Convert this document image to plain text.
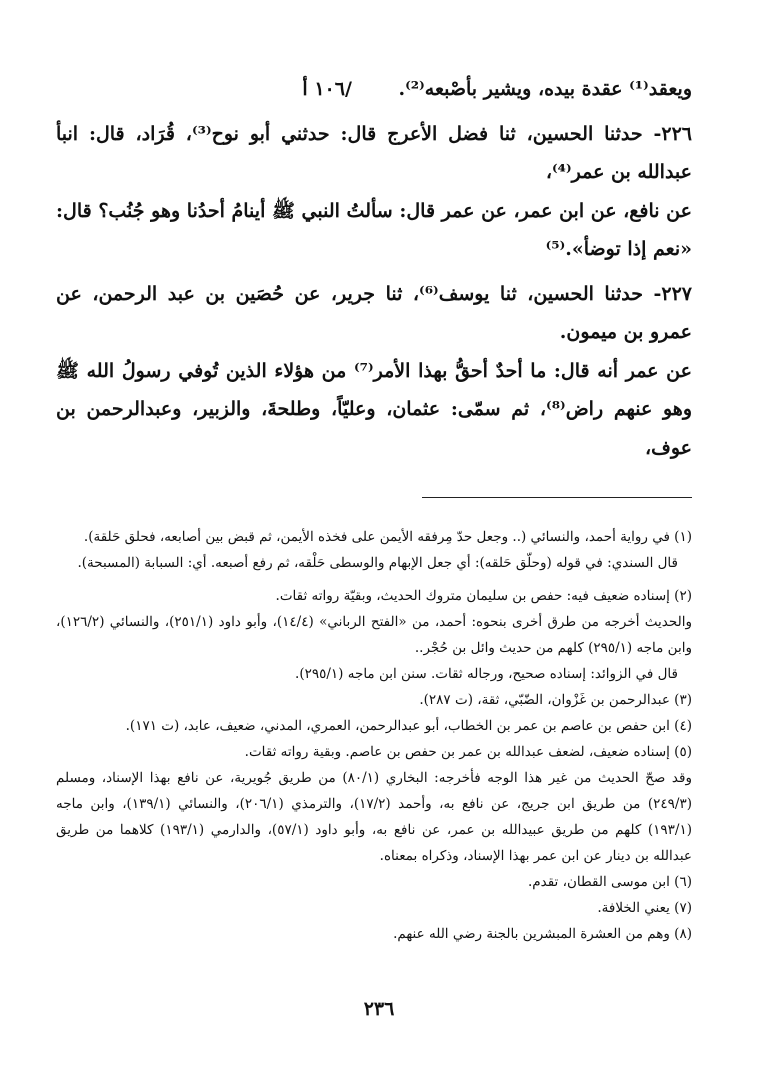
ويعقد⁽¹⁾ عقدة بيده، ويشير بأصْبعه⁽²⁾. /١٠٦ أ

٢٢٦- حدثنا الحسين، ثنا فضل الأعرج قال: حدثني أبو نوح⁽³⁾، قُرَاد، قال: انبأ عبدالله بن عمر⁽⁴⁾،

عن نافع، عن ابن عمر، عن عمر قال: سألتُ النبي ﷺ أينامُ أحدُنا وهو جُنُب؟ قال: «نعم إذا توضأ».⁽⁵⁾

٢٢٧- حدثنا الحسين، ثنا يوسف⁽⁶⁾، ثنا جرير، عن حُصَين بن عبد الرحمن، عن عمرو بن ميمون.

عن عمر أنه قال: ما أحدٌ أحقُّ بهذا الأمر⁽⁷⁾ من هؤلاء الذين تُوفي رسولُ الله ﷺ وهو عنهم راض⁽⁸⁾، ثم سمّى: عثمان، وعليّاً، وطلحةَ، والزبير، وعبدالرحمن بن عوف،

(١) في رواية أحمد، والنسائي (.. وجعل حدّ مِرفقه الأيمن على فخذه الأيمن، ثم قبض بين أصابعه، فحلق حَلقة).

قال السندي: في قوله (وحلّق حَلقه): أي جعل الإبهام والوسطى حَلْقه، ثم رفع أصبعه. أي: السبابة (المسبحة).

(٢) إسناده ضعيف فيه: حفص بن سليمان متروك الحديث، وبقيّة رواته ثقات.

والحديث أخرجه من طرق أخرى بنحوه: أحمد، من «الفتح الرباني» (١٤/٤)، وأبو داود (٢٥١/١)، والنسائي (١٢٦/٢)، وابن ماجه (٢٩٥/١) كلهم من حديث وائل بن حُجْر..

قال في الزوائد: إسناده صحيح، ورجاله ثقات. سنن ابن ماجه (٢٩٥/١).

(٣) عبدالرحمن بن غَزْوان، الضّبّي، ثقة، (ت ٢٨٧).

(٤) ابن حفص بن عاصم بن عمر بن الخطاب، أبو عبدالرحمن، العمري، المدني، ضعيف، عابد، (ت ١٧١).

(٥) إسناده ضعيف، لضعف عبدالله بن عمر بن حفص بن عاصم. وبقية رواته ثقات.

وقد صحّ الحديث من غير هذا الوجه فأخرجه: البخاري (٨٠/١) من طريق جُويرية، عن نافع بهذا الإسناد، ومسلم (٢٤٩/٣) من طريق ابن جريج، عن نافع به، وأحمد (١٧/٢)، والترمذي (٢٠٦/١)، والنسائي (١٣٩/١)، وابن ماجه (١٩٣/١) كلهم من طريق عبيدالله بن عمر، عن نافع به، وأبو داود (٥٧/١)، والدارمي (١٩٣/١) كلاهما من طريق عبدالله بن دينار عن ابن عمر بهذا الإسناد، وذكراه بمعناه.

(٦) ابن موسى القطان، تقدم.

(٧) يعني الخلافة.

(٨) وهم من العشرة المبشرين بالجنة رضي الله عنهم.

٢٣٦
